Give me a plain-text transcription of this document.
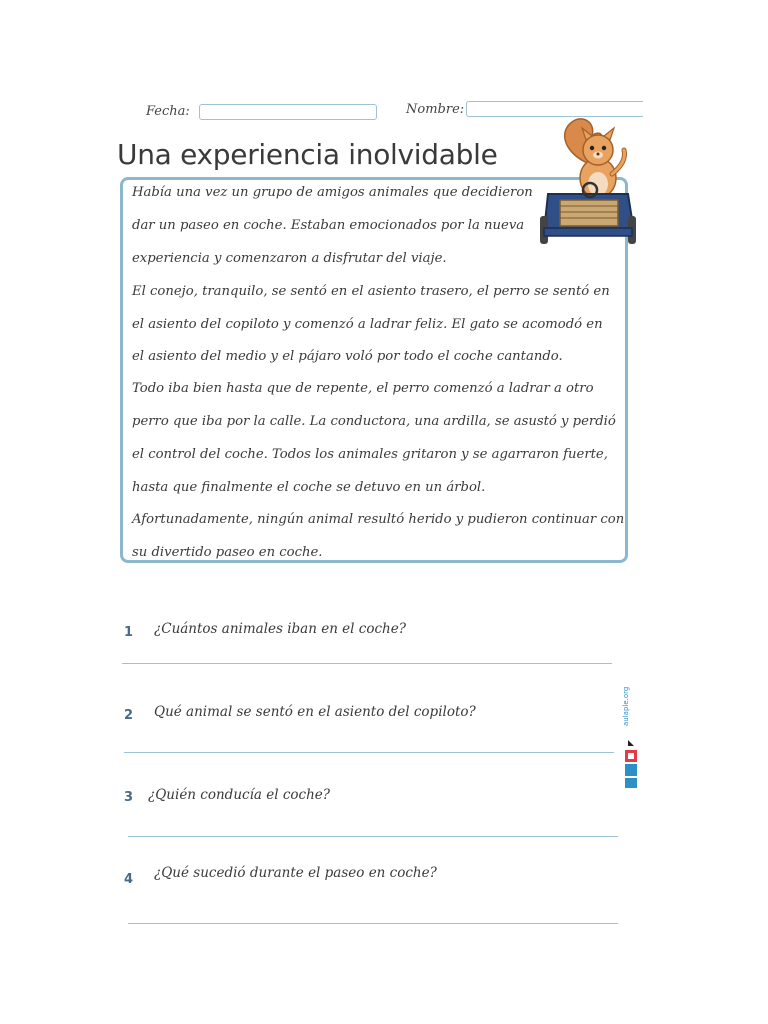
Fecha:	Nombre:
Una experiencia inolvidable
Había una vez un grupo de amigos animales que decidieron
dar un paseo en coche. Estaban emocionados por la nueva
experiencia y comenzaron a disfrutar del viaje.
El conejo, tranquilo, se sentó en el asiento trasero, el perro se sentó en
el asiento del copiloto y comenzó a ladrar feliz. El gato se acomodó en
el asiento del medio y el pájaro voló por todo el coche cantando.
Todo iba bien hasta que de repente, el perro comenzó a ladrar a otro
perro que iba por la calle. La conductora, una ardilla, se asustó y perdió
el control del coche. Todos los animales gritaron y se agarraron fuerte,
hasta que finalmente el coche se detuvo en un árbol.
Afortunadamente, ningún animal resultó herido y pudieron continuar con
su divertido paseo en coche.
1 ¿Cuántos animales iban en el coche?
2 Qué animal se sentó en el asiento del copiloto?
3 ¿Quién conducía el coche?
4 ¿Qué sucedió durante el paseo en coche?
aulaple.org
